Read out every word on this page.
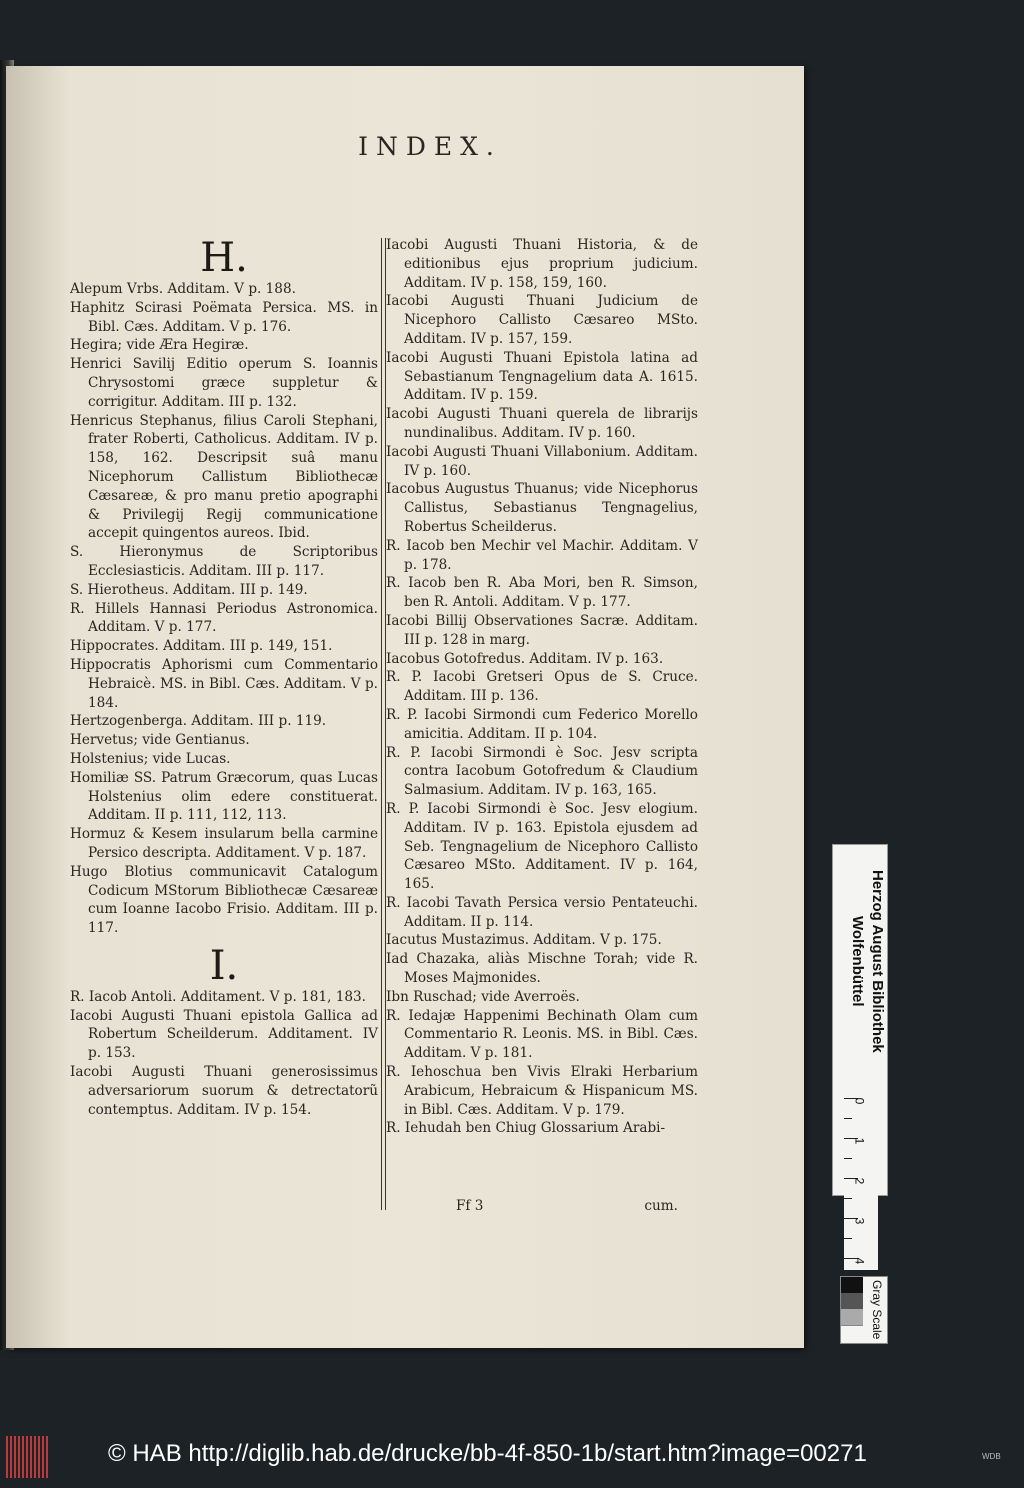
INDEX.
H.

Alepum Vrbs. Additam. V p. 188.

Haphitz Scirasi Poëmata Persica. MS. in Bibl. Cæs. Additam. V p. 176.

Hegira; vide Æra Hegiræ.

Henrici Savilij Editio operum S. Ioannis Chrysostomi græce suppletur & corrigitur. Additam. III p. 132.

Henricus Stephanus, filius Caroli Stephani, frater Roberti, Catholicus. Additam. IV p. 158, 162. Descripsit suâ manu Nicephorum Callistum Bibliothecæ Cæsareæ, & pro manu pretio apographi & Privilegij Regij communicatione accepit quingentos aureos. Ibid.

S. Hieronymus de Scriptoribus Ecclesiasticis. Additam. III p. 117.

S. Hierotheus. Additam. III p. 149.

R. Hillels Hannasi Periodus Astronomica. Additam. V p. 177.

Hippocrates. Additam. III p. 149, 151.

Hippocratis Aphorismi cum Commentario Hebraicè. MS. in Bibl. Cæs. Additam. V p. 184.

Hertzogenberga. Additam. III p. 119.

Hervetus; vide Gentianus.

Holstenius; vide Lucas.

Homiliæ SS. Patrum Græcorum, quas Lucas Holstenius olim edere constituerat. Additam. II p. 111, 112, 113.

Hormuz & Kesem insularum bella carmine Persico descripta. Additament. V p. 187.

Hugo Blotius communicavit Catalogum Codicum MStorum Bibliothecæ Cæsareæ cum Ioanne Iacobo Frisio. Additam. III p. 117.

I.

R. Iacob Antoli. Additament. V p. 181, 183.

Iacobi Augusti Thuani epistola Gallica ad Robertum Scheilderum. Additament. IV p. 153.

Iacobi Augusti Thuani generosissimus adversariorum suorum & detrectatorũ contemptus. Additam. IV p. 154.

Iacobi Augusti Thuani Historia, & de editionibus ejus proprium judicium. Additam. IV p. 158, 159, 160.

Iacobi Augusti Thuani Judicium de Nicephoro Callisto Cæsareo MSto. Additam. IV p. 157, 159.

Iacobi Augusti Thuani Epistola latina ad Sebastianum Tengnagelium data A. 1615. Additam. IV p. 159.

Iacobi Augusti Thuani querela de librarijs nundinalibus. Additam. IV p. 160.

Iacobi Augusti Thuani Villabonium. Additam. IV p. 160.

Iacobus Augustus Thuanus; vide Nicephorus Callistus, Sebastianus Tengnagelius, Robertus Scheilderus.

R. Iacob ben Mechir vel Machir. Additam. V p. 178.

R. Iacob ben R. Aba Mori, ben R. Simson, ben R. Antoli. Additam. V p. 177.

Iacobi Billij Observationes Sacræ. Additam. III p. 128 in marg.

Iacobus Gotofredus. Additam. IV p. 163.

R. P. Iacobi Gretseri Opus de S. Cruce. Additam. III p. 136.

R. P. Iacobi Sirmondi cum Federico Morello amicitia. Additam. II p. 104.

R. P. Iacobi Sirmondi è Soc. Jesv scripta contra Iacobum Gotofredum & Claudium Salmasium. Additam. IV p. 163, 165.

R. P. Iacobi Sirmondi è Soc. Jesv elogium. Additam. IV p. 163. Epistola ejusdem ad Seb. Tengnagelium de Nicephoro Callisto Cæsareo MSto. Additament. IV p. 164, 165.

R. Iacobi Tavath Persica versio Pentateuchi. Additam. II p. 114.

Iacutus Mustazimus. Additam. V p. 175.

Iad Chazaka, aliàs Mischne Torah; vide R. Moses Majmonides.

Ibn Ruschad; vide Averroës.

R. Iedajæ Happenimi Bechinath Olam cum Commentario R. Leonis. MS. in Bibl. Cæs. Additam. V p. 181.

R. Iehoschua ben Vivis Elraki Herbarium Arabicum, Hebraicum & Hispanicum MS. in Bibl. Cæs. Additam. V p. 179.

R. Iehudah ben Chiug Glossarium Arabi-

Ff 3	cum.
Herzog August Bibliothek
Wolfenbüttel
0
1
2
3
4
Gray Scale
© HAB http://diglib.hab.de/drucke/bb-4f-850-1b/start.htm?image=00271	WDB
